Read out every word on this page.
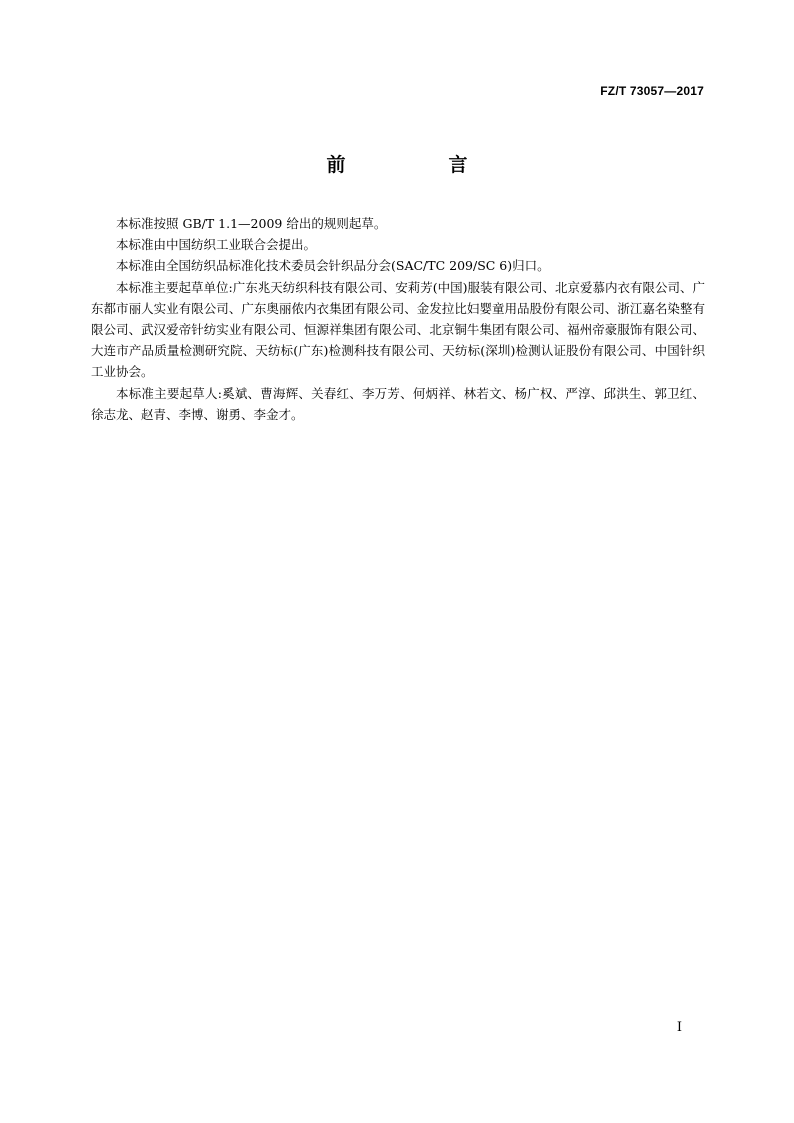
FZ/T 73057—2017
前　言

本标准按照 GB/T 1.1—2009 给出的规则起草。

本标准由中国纺织工业联合会提出。

本标准由全国纺织品标准化技术委员会针织品分会(SAC/TC 209/SC 6)归口。

本标准主要起草单位:广东兆天纺织科技有限公司、安莉芳(中国)服装有限公司、北京爱慕内衣有限公司、广东都市丽人实业有限公司、广东奥丽侬内衣集团有限公司、金发拉比妇婴童用品股份有限公司、浙江嘉名染整有限公司、武汉爱帝针纺实业有限公司、恒源祥集团有限公司、北京铜牛集团有限公司、福州帝豪服饰有限公司、大连市产品质量检测研究院、天纺标(广东)检测科技有限公司、天纺标(深圳)检测认证股份有限公司、中国针织工业协会。

本标准主要起草人:奚斌、曹海辉、关春红、李万芳、何炳祥、林若文、杨广权、严淳、邱洪生、郭卫红、徐志龙、赵青、李博、谢勇、李金才。

I
